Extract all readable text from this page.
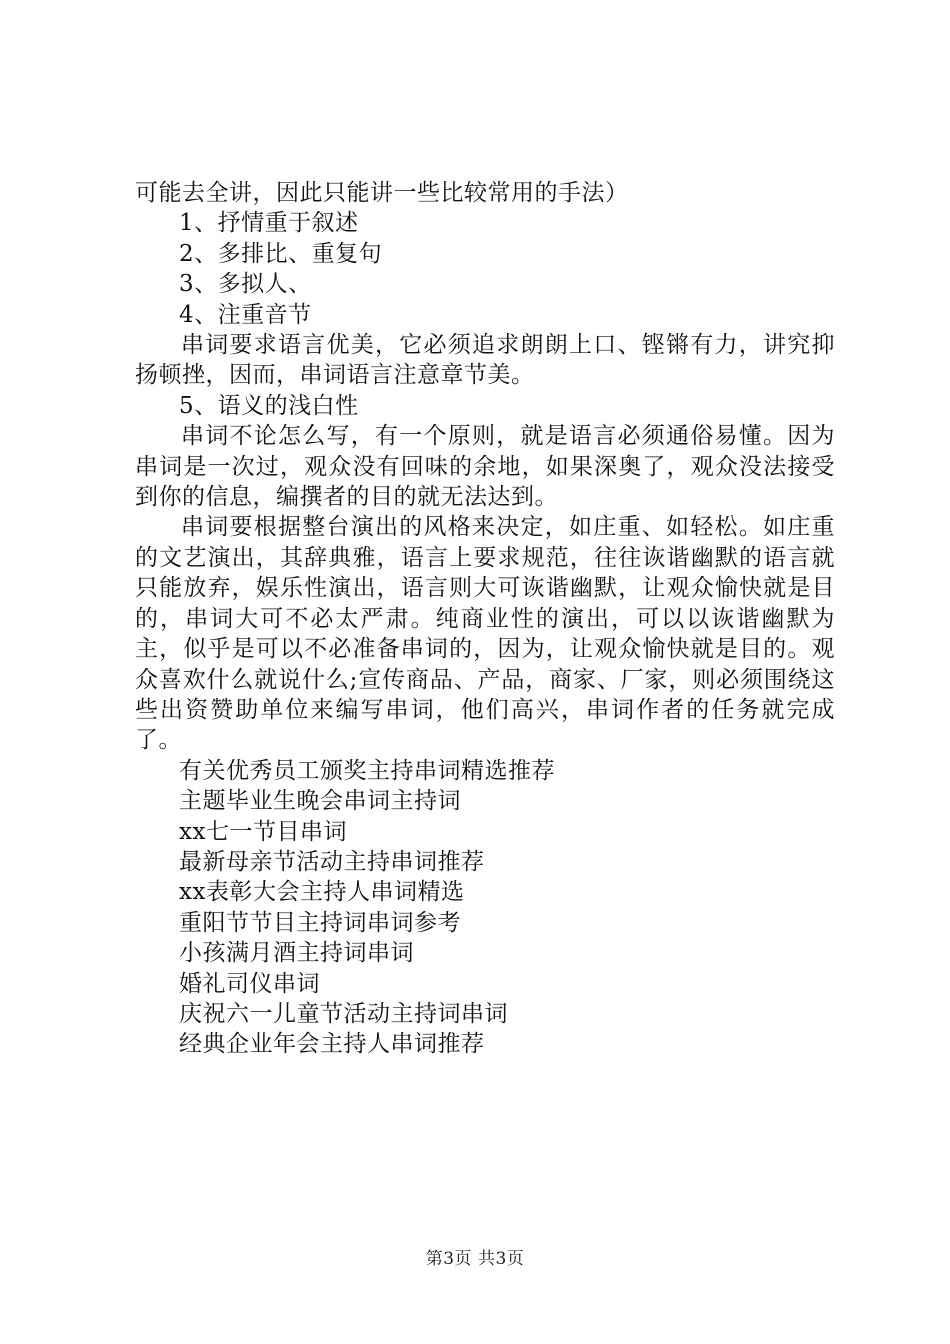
可能去全讲，因此只能讲一些比较常用的手法）
1、抒情重于叙述
2、多排比、重复句
3、多拟人、
4、注重音节
串词要求语言优美，它必须追求朗朗上口、铿锵有力，讲究抑扬顿挫，因而，串词语言注意章节美。
5、语义的浅白性
串词不论怎么写，有一个原则，就是语言必须通俗易懂。因为串词是一次过，观众没有回味的余地，如果深奥了，观众没法接受到你的信息，编撰者的目的就无法达到。
串词要根据整台演出的风格来决定，如庄重、如轻松。如庄重的文艺演出，其辞典雅，语言上要求规范，往往诙谐幽默的语言就只能放弃，娱乐性演出，语言则大可诙谐幽默，让观众愉快就是目的，串词大可不必太严肃。纯商业性的演出，可以以诙谐幽默为主，似乎是可以不必准备串词的，因为，让观众愉快就是目的。观众喜欢什么就说什么;宣传商品、产品，商家、厂家，则必须围绕这些出资赞助单位来编写串词，他们高兴，串词作者的任务就完成了。
有关优秀员工颁奖主持串词精选推荐
主题毕业生晚会串词主持词
xx七一节目串词
最新母亲节活动主持串词推荐
xx表彰大会主持人串词精选
重阳节节目主持词串词参考
小孩满月酒主持词串词
婚礼司仪串词
庆祝六一儿童节活动主持词串词
经典企业年会主持人串词推荐
第3页 共3页
